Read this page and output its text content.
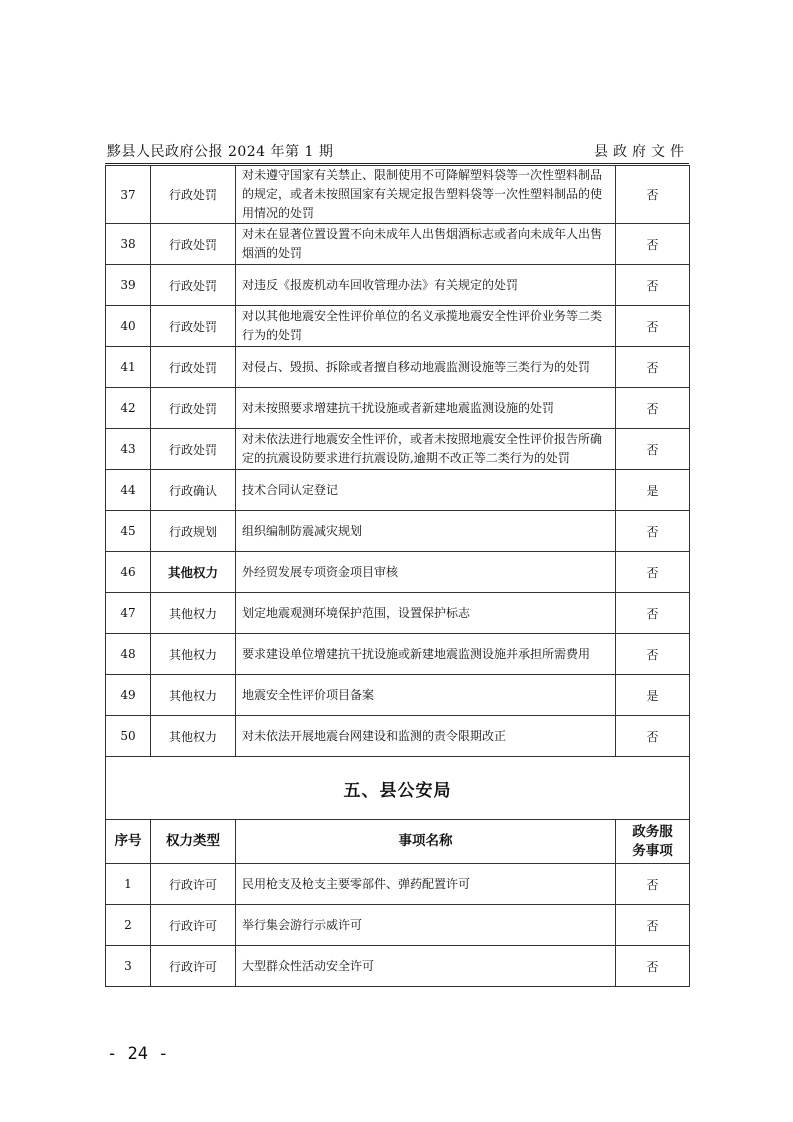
黟县人民政府公报 2024 年第 1 期	县政府文件
37	行政处罚	对未遵守国家有关禁止、限制使用不可降解塑料袋等一次性塑料制品的规定，或者未按照国家有关规定报告塑料袋等一次性塑料制品的使用情况的处罚	否
38	行政处罚	对未在显著位置设置不向未成年人出售烟酒标志或者向未成年人出售烟酒的处罚	否
39	行政处罚	对违反《报废机动车回收管理办法》有关规定的处罚	否
40	行政处罚	对以其他地震安全性评价单位的名义承揽地震安全性评价业务等二类行为的处罚	否
41	行政处罚	对侵占、毁损、拆除或者擅自移动地震监测设施等三类行为的处罚	否
42	行政处罚	对未按照要求增建抗干扰设施或者新建地震监测设施的处罚	否
43	行政处罚	对未依法进行地震安全性评价，或者未按照地震安全性评价报告所确定的抗震设防要求进行抗震设防,逾期不改正等二类行为的处罚	否
44	行政确认	技术合同认定登记	是
45	行政规划	组织编制防震减灾规划	否
46	其他权力	外经贸发展专项资金项目审核	否
47	其他权力	划定地震观测环境保护范围，设置保护标志	否
48	其他权力	要求建设单位增建抗干扰设施或新建地震监测设施并承担所需费用	否
49	其他权力	地震安全性评价项目备案	是
50	其他权力	对未依法开展地震台网建设和监测的责令限期改正	否
五、县公安局			
序号	权力类型	事项名称	政务服
务事项

1	行政许可	民用枪支及枪支主要零部件、弹药配置许可	否
2	行政许可	举行集会游行示威许可	否
3	行政许可	大型群众性活动安全许可	否
- 24 -
